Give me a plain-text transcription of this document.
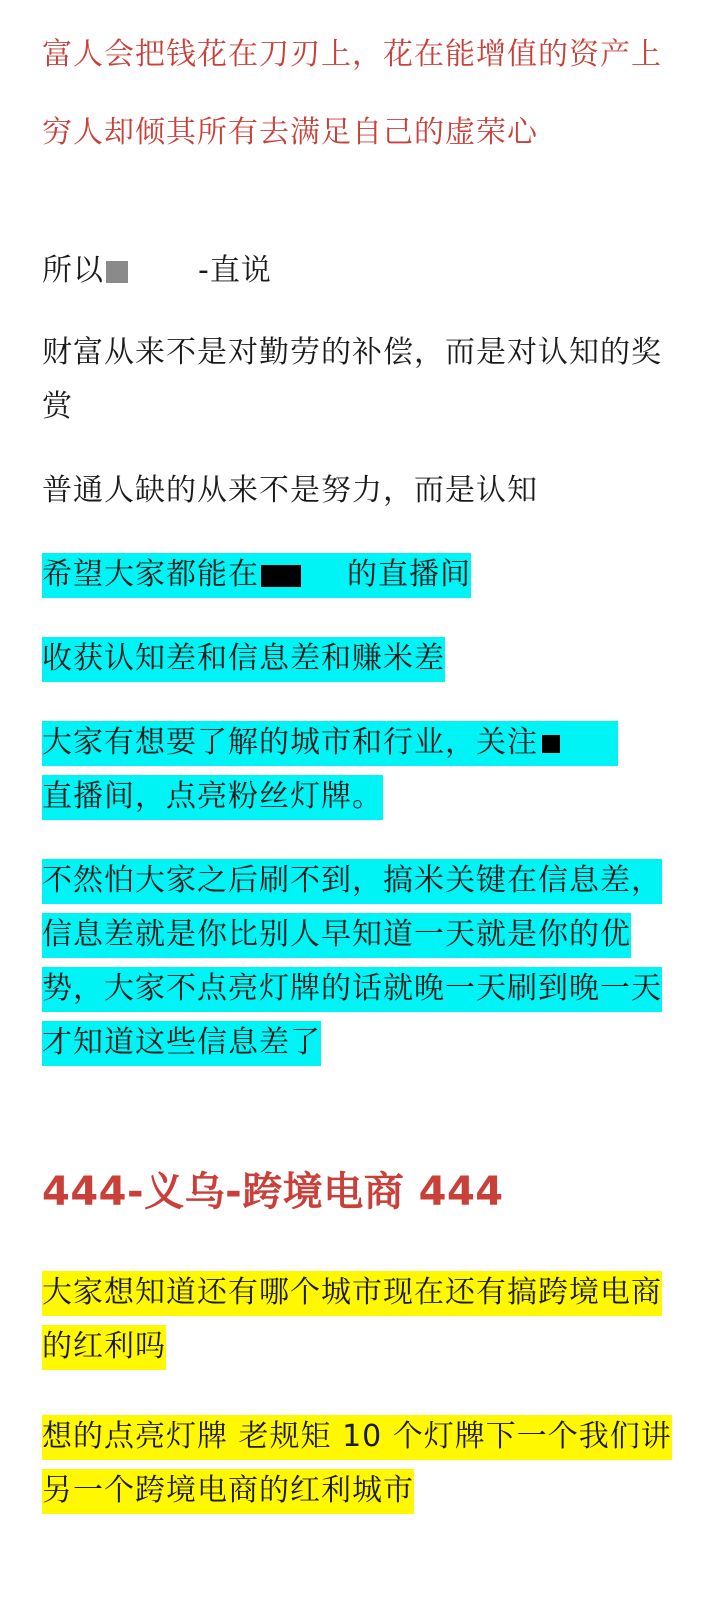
富人会把钱花在刀刃上，花在能增值的资产上

穷人却倾其所有去满足自己的虚荣心

所以	-直说

财富从来不是对勤劳的补偿，而是对认知的奖赏

普通人缺的从来不是努力，而是认知

希望大家都能在	的直播间

收获认知差和信息差和赚米差

大家有想要了解的城市和行业，关注
直播间，点亮粉丝灯牌。

不然怕大家之后刷不到，搞米关键在信息差，信息差就是你比别人早知道一天就是你的优势，大家不点亮灯牌的话就晚一天刷到晚一天才知道这些信息差了

444-义乌-跨境电商 444

大家想知道还有哪个城市现在还有搞跨境电商的红利吗

想的点亮灯牌 老规矩 10 个灯牌下一个我们讲另一个跨境电商的红利城市
